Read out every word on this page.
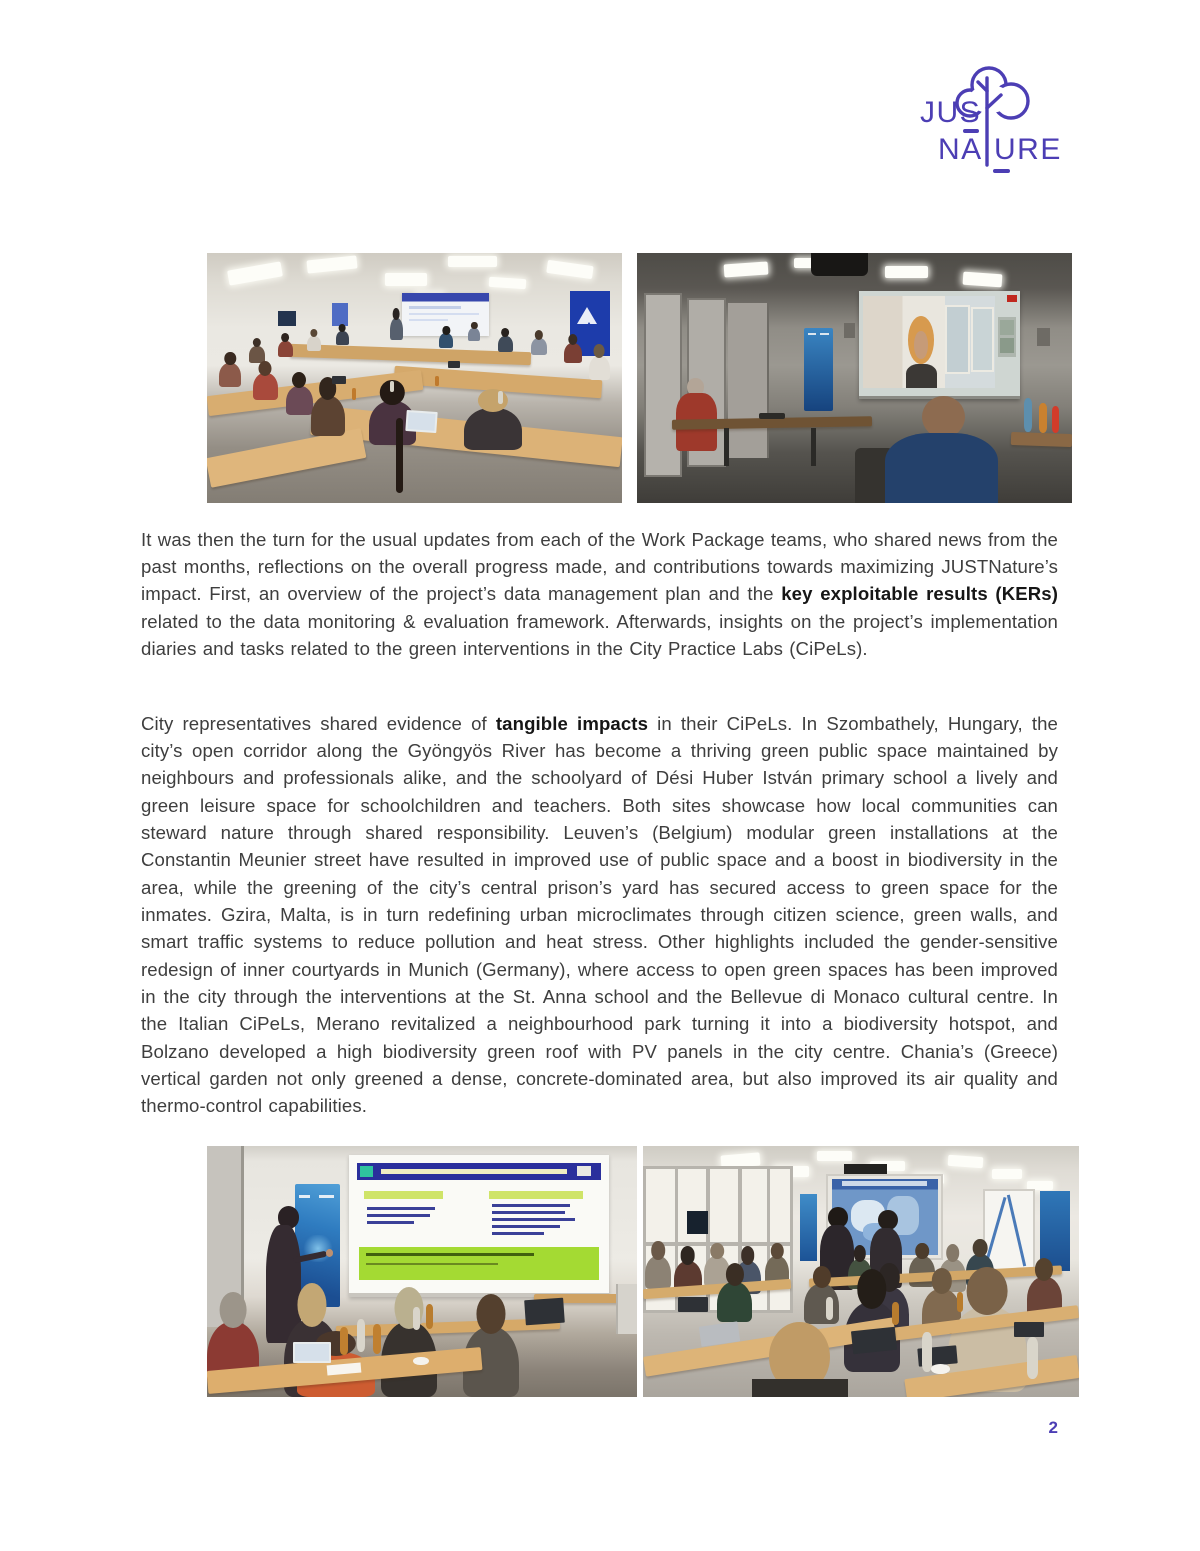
JUS
NA URE

It was then the turn for the usual updates from each of the Work Package teams, who shared news from the past months, reflections on the overall progress made, and contributions towards maximizing JUSTNature’s impact. First, an overview of the project’s data management plan and the key exploitable results (KERs) related to the data monitoring & evaluation framework. Afterwards, insights on the project’s implementation diaries and tasks related to the green interventions in the City Practice Labs (CiPeLs).

City representatives shared evidence of tangible impacts in their CiPeLs. In Szombathely, Hungary, the city’s open corridor along the Gyöngyös River has become a thriving green public space maintained by neighbours and professionals alike, and the schoolyard of Dési Huber István primary school a lively and green leisure space for schoolchildren and teachers. Both sites showcase how local communities can steward nature through shared responsibility. Leuven’s (Belgium) modular green installations at the Constantin Meunier street have resulted in improved use of public space and a boost in biodiversity in the area, while the greening of the city’s central prison’s yard has secured access to green space for the inmates. Gzira, Malta, is in turn redefining urban microclimates through citizen science, green walls, and smart traffic systems to reduce pollution and heat stress. Other highlights included the gender-sensitive redesign of inner courtyards in Munich (Germany), where access to open green spaces has been improved in the city through the interventions at the St. Anna school and the Bellevue di Monaco cultural centre. In the Italian CiPeLs, Merano revitalized a neighbourhood park turning it into a biodiversity hotspot, and Bolzano developed a high biodiversity green roof with PV panels in the city centre. Chania’s (Greece) vertical garden not only greened a dense, concrete-dominated area, but also improved its air quality and thermo-control capabilities.

2
